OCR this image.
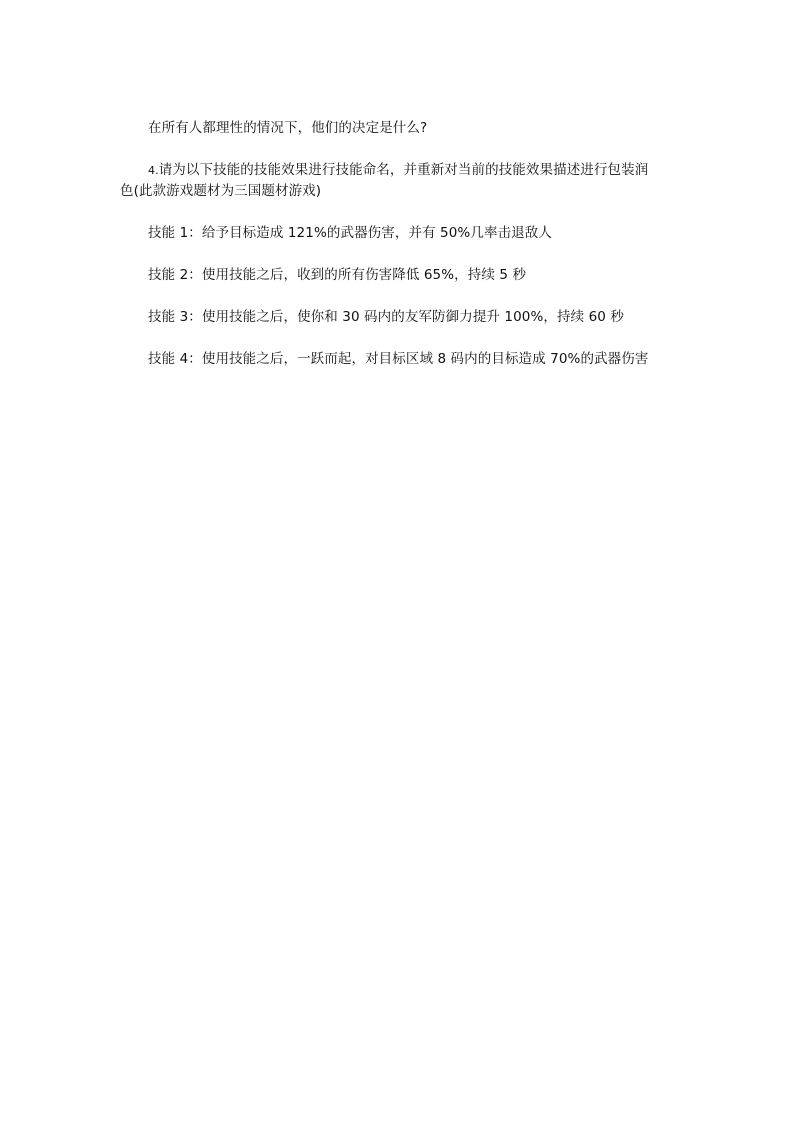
在所有人都理性的情况下，他们的决定是什么?
4.请为以下技能的技能效果进行技能命名，并重新对当前的技能效果描述进行包装润
色(此款游戏题材为三国题材游戏)
技能 1：给予目标造成 121%的武器伤害，并有 50%几率击退敌人
技能 2：使用技能之后，收到的所有伤害降低 65%，持续 5 秒
技能 3：使用技能之后，使你和 30 码内的友军防御力提升 100%，持续 60 秒
技能 4：使用技能之后，一跃而起，对目标区域 8 码内的目标造成 70%的武器伤害
